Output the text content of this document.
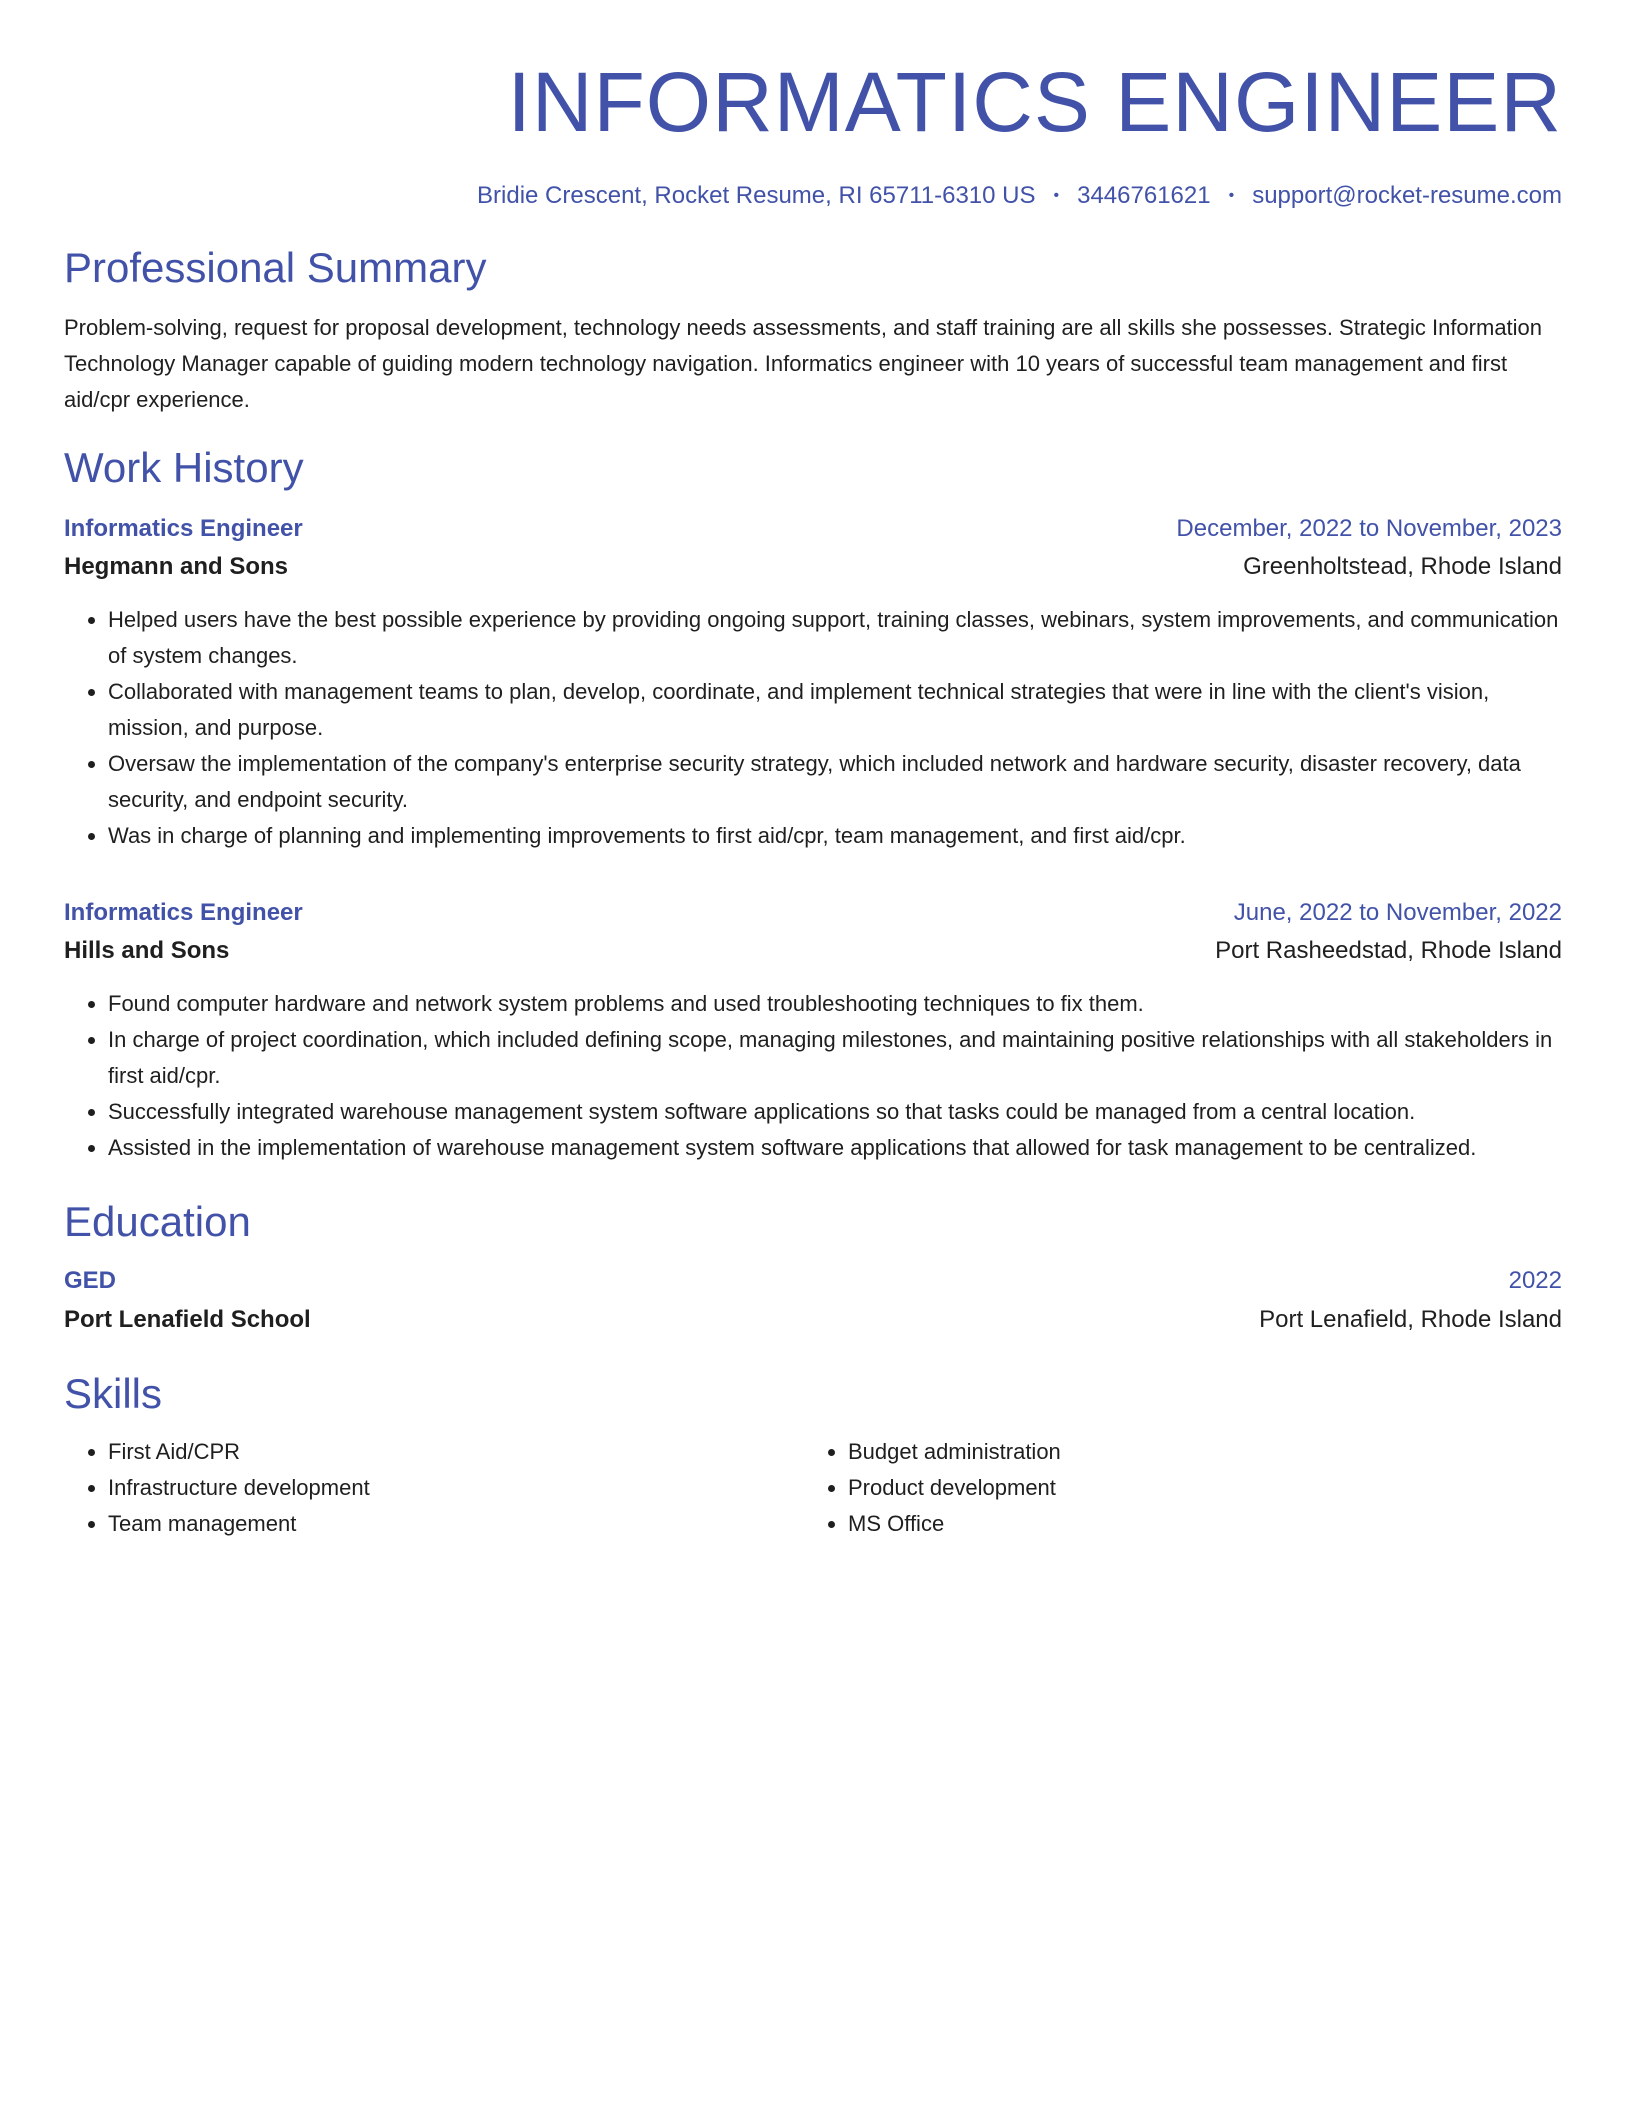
INFORMATICS ENGINEER
Bridie Crescent, Rocket Resume, RI 65711-6310 US • 3446761621 • support@rocket-resume.com
Professional Summary
Problem-solving, request for proposal development, technology needs assessments, and staff training are all skills she possesses. Strategic Information Technology Manager capable of guiding modern technology navigation. Informatics engineer with 10 years of successful team management and first aid/cpr experience.
Work History
Informatics Engineer	December, 2022 to November, 2023
Hegmann and Sons	Greenholtstead, Rhode Island
• Helped users have the best possible experience by providing ongoing support, training classes, webinars, system improvements, and communication of system changes.
• Collaborated with management teams to plan, develop, coordinate, and implement technical strategies that were in line with the client's vision, mission, and purpose.
• Oversaw the implementation of the company's enterprise security strategy, which included network and hardware security, disaster recovery, data security, and endpoint security.
• Was in charge of planning and implementing improvements to first aid/cpr, team management, and first aid/cpr.
Informatics Engineer	June, 2022 to November, 2022
Hills and Sons	Port Rasheedstad, Rhode Island
• Found computer hardware and network system problems and used troubleshooting techniques to fix them.
• In charge of project coordination, which included defining scope, managing milestones, and maintaining positive relationships with all stakeholders in first aid/cpr.
• Successfully integrated warehouse management system software applications so that tasks could be managed from a central location.
• Assisted in the implementation of warehouse management system software applications that allowed for task management to be centralized.
Education
GED	2022
Port Lenafield School	Port Lenafield, Rhode Island
Skills
• First Aid/CPR
• Infrastructure development
• Team management
• Budget administration
• Product development
• MS Office
